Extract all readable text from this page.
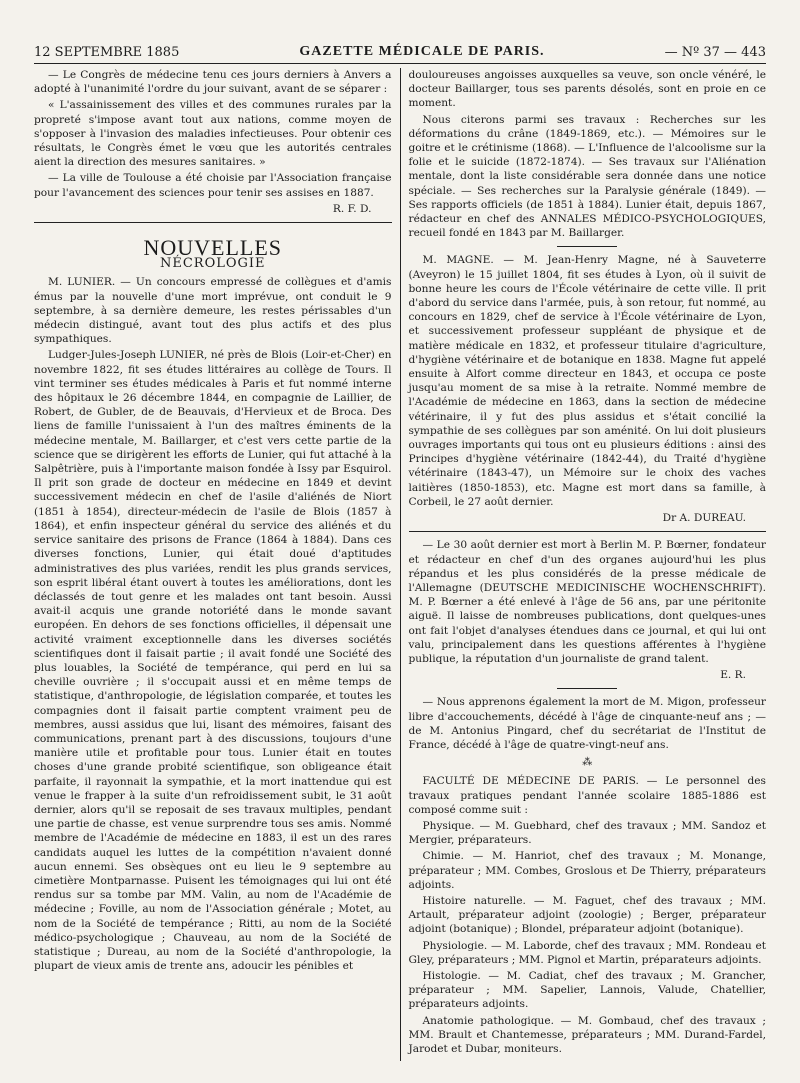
12 SEPTEMBRE 1885	GAZETTE MÉDICALE DE PARIS.	— Nº 37 — 443

— Le Congrès de médecine tenu ces jours derniers à Anvers a adopté à l'unanimité l'ordre du jour suivant, avant de se séparer :

« L'assainissement des villes et des communes rurales par la propreté s'impose avant tout aux nations, comme moyen de s'opposer à l'invasion des maladies infectieuses. Pour obtenir ces résultats, le Congrès émet le vœu que les autorités centrales aient la direction des mesures sanitaires. »

— La ville de Toulouse a été choisie par l'Association française pour l'avancement des sciences pour tenir ses assises en 1887.

R. F. D.
NOUVELLES
NÉCROLOGIE

M. LUNIER. — Un concours empressé de collègues et d'amis émus par la nouvelle d'une mort imprévue, ont conduit le 9 septembre, à sa dernière demeure, les restes périssables d'un médecin distingué, avant tout des plus actifs et des plus sympathiques.

Ludger-Jules-Joseph LUNIER, né près de Blois (Loir-et-Cher) en novembre 1822, fit ses études littéraires au collège de Tours. Il vint terminer ses études médicales à Paris et fut nommé interne des hôpitaux le 26 décembre 1844, en compagnie de Laillier, de Robert, de Gubler, de de Beauvais, d'Hervieux et de Broca. Des liens de famille l'unissaient à l'un des maîtres éminents de la médecine mentale, M. Baillarger, et c'est vers cette partie de la science que se dirigèrent les efforts de Lunier, qui fut attaché à la Salpêtrière, puis à l'importante maison fondée à Issy par Esquirol. Il prit son grade de docteur en médecine en 1849 et devint successivement médecin en chef de l'asile d'aliénés de Niort (1851 à 1854), directeur-médecin de l'asile de Blois (1857 à 1864), et enfin inspecteur général du service des aliénés et du service sanitaire des prisons de France (1864 à 1884). Dans ces diverses fonctions, Lunier, qui était doué d'aptitudes administratives des plus variées, rendit les plus grands services, son esprit libéral étant ouvert à toutes les améliorations, dont les déclassés de tout genre et les malades ont tant besoin. Aussi avait-il acquis une grande notoriété dans le monde savant européen. En dehors de ses fonctions officielles, il dépensait une activité vraiment exceptionnelle dans les diverses sociétés scientifiques dont il faisait partie ; il avait fondé une Société des plus louables, la Société de tempérance, qui perd en lui sa cheville ouvrière ; il s'occupait aussi et en même temps de statistique, d'anthropologie, de législation comparée, et toutes les compagnies dont il faisait partie comptent vraiment peu de membres, aussi assidus que lui, lisant des mémoires, faisant des communications, prenant part à des discussions, toujours d'une manière utile et profitable pour tous. Lunier était en toutes choses d'une grande probité scientifique, son obligeance était parfaite, il rayonnait la sympathie, et la mort inattendue qui est venue le frapper à la suite d'un refroidissement subit, le 31 août dernier, alors qu'il se reposait de ses travaux multiples, pendant une partie de chasse, est venue surprendre tous ses amis. Nommé membre de l'Académie de médecine en 1883, il est un des rares candidats auquel les luttes de la compétition n'avaient donné aucun ennemi. Ses obsèques ont eu lieu le 9 septembre au cimetière Montparnasse. Puisent les témoignages qui lui ont été rendus sur sa tombe par MM. Valin, au nom de l'Académie de médecine ; Foville, au nom de l'Association générale ; Motet, au nom de la Société de tempérance ; Ritti, au nom de la Société médico-psychologique ; Chauveau, au nom de la Société de statistique ; Dureau, au nom de la Société d'anthropologie, la plupart de vieux amis de trente ans, adoucir les pénibles et

douloureuses angoisses auxquelles sa veuve, son oncle vénéré, le docteur Baillarger, tous ses parents désolés, sont en proie en ce moment.

Nous citerons parmi ses travaux : Recherches sur les déformations du crâne (1849-1869, etc.). — Mémoires sur le goitre et le crétinisme (1868). — L'Influence de l'alcoolisme sur la folie et le suicide (1872-1874). — Ses travaux sur l'Aliénation mentale, dont la liste considérable sera donnée dans une notice spéciale. — Ses recherches sur la Paralysie générale (1849). — Ses rapports officiels (de 1851 à 1884). Lunier était, depuis 1867, rédacteur en chef des ANNALES MÉDICO-PSYCHOLOGIQUES, recueil fondé en 1843 par M. Baillarger.

M. MAGNE. — M. Jean-Henry Magne, né à Sauveterre (Aveyron) le 15 juillet 1804, fit ses études à Lyon, où il suivit de bonne heure les cours de l'École vétérinaire de cette ville. Il prit d'abord du service dans l'armée, puis, à son retour, fut nommé, au concours en 1829, chef de service à l'École vétérinaire de Lyon, et successivement professeur suppléant de physique et de matière médicale en 1832, et professeur titulaire d'agriculture, d'hygiène vétérinaire et de botanique en 1838. Magne fut appelé ensuite à Alfort comme directeur en 1843, et occupa ce poste jusqu'au moment de sa mise à la retraite. Nommé membre de l'Académie de médecine en 1863, dans la section de médecine vétérinaire, il y fut des plus assidus et s'était concilié la sympathie de ses collègues par son aménité. On lui doit plusieurs ouvrages importants qui tous ont eu plusieurs éditions : ainsi des Principes d'hygiène vétérinaire (1842-44), du Traité d'hygiène vétérinaire (1843-47), un Mémoire sur le choix des vaches laitières (1850-1853), etc. Magne est mort dans sa famille, à Corbeil, le 27 août dernier.

Dr A. DUREAU.

— Le 30 août dernier est mort à Berlin M. P. Bœrner, fondateur et rédacteur en chef d'un des organes aujourd'hui les plus répandus et les plus considérés de la presse médicale de l'Allemagne (DEUTSCHE MEDICINISCHE WOCHENSCHRIFT). M. P. Bœrner a été enlevé à l'âge de 56 ans, par une péritonite aiguë. Il laisse de nombreuses publications, dont quelques-unes ont fait l'objet d'analyses étendues dans ce journal, et qui lui ont valu, principalement dans les questions afférentes à l'hygiène publique, la réputation d'un journaliste de grand talent.

E. R.

— Nous apprenons également la mort de M. Migon, professeur libre d'accouchements, décédé à l'âge de cinquante-neuf ans ; — de M. Antonius Pingard, chef du secrétariat de l'Institut de France, décédé à l'âge de quatre-vingt-neuf ans.

⁂

FACULTÉ DE MÉDECINE DE PARIS. — Le personnel des travaux pratiques pendant l'année scolaire 1885-1886 est composé comme suit :

Physique. — M. Guebhard, chef des travaux ; MM. Sandoz et Mergier, préparateurs.

Chimie. — M. Hanriot, chef des travaux ; M. Monange, préparateur ; MM. Combes, Groslous et De Thierry, préparateurs adjoints.

Histoire naturelle. — M. Faguet, chef des travaux ; MM. Artault, préparateur adjoint (zoologie) ; Berger, préparateur adjoint (botanique) ; Blondel, préparateur adjoint (botanique).

Physiologie. — M. Laborde, chef des travaux ; MM. Rondeau et Gley, préparateurs ; MM. Pignol et Martin, préparateurs adjoints.

Histologie. — M. Cadiat, chef des travaux ; M. Grancher, préparateur ; MM. Sapelier, Lannois, Valude, Chatellier, préparateurs adjoints.

Anatomie pathologique. — M. Gombaud, chef des travaux ; MM. Brault et Chantemesse, préparateurs ; MM. Durand-Fardel, Jarodet et Dubar, moniteurs.
